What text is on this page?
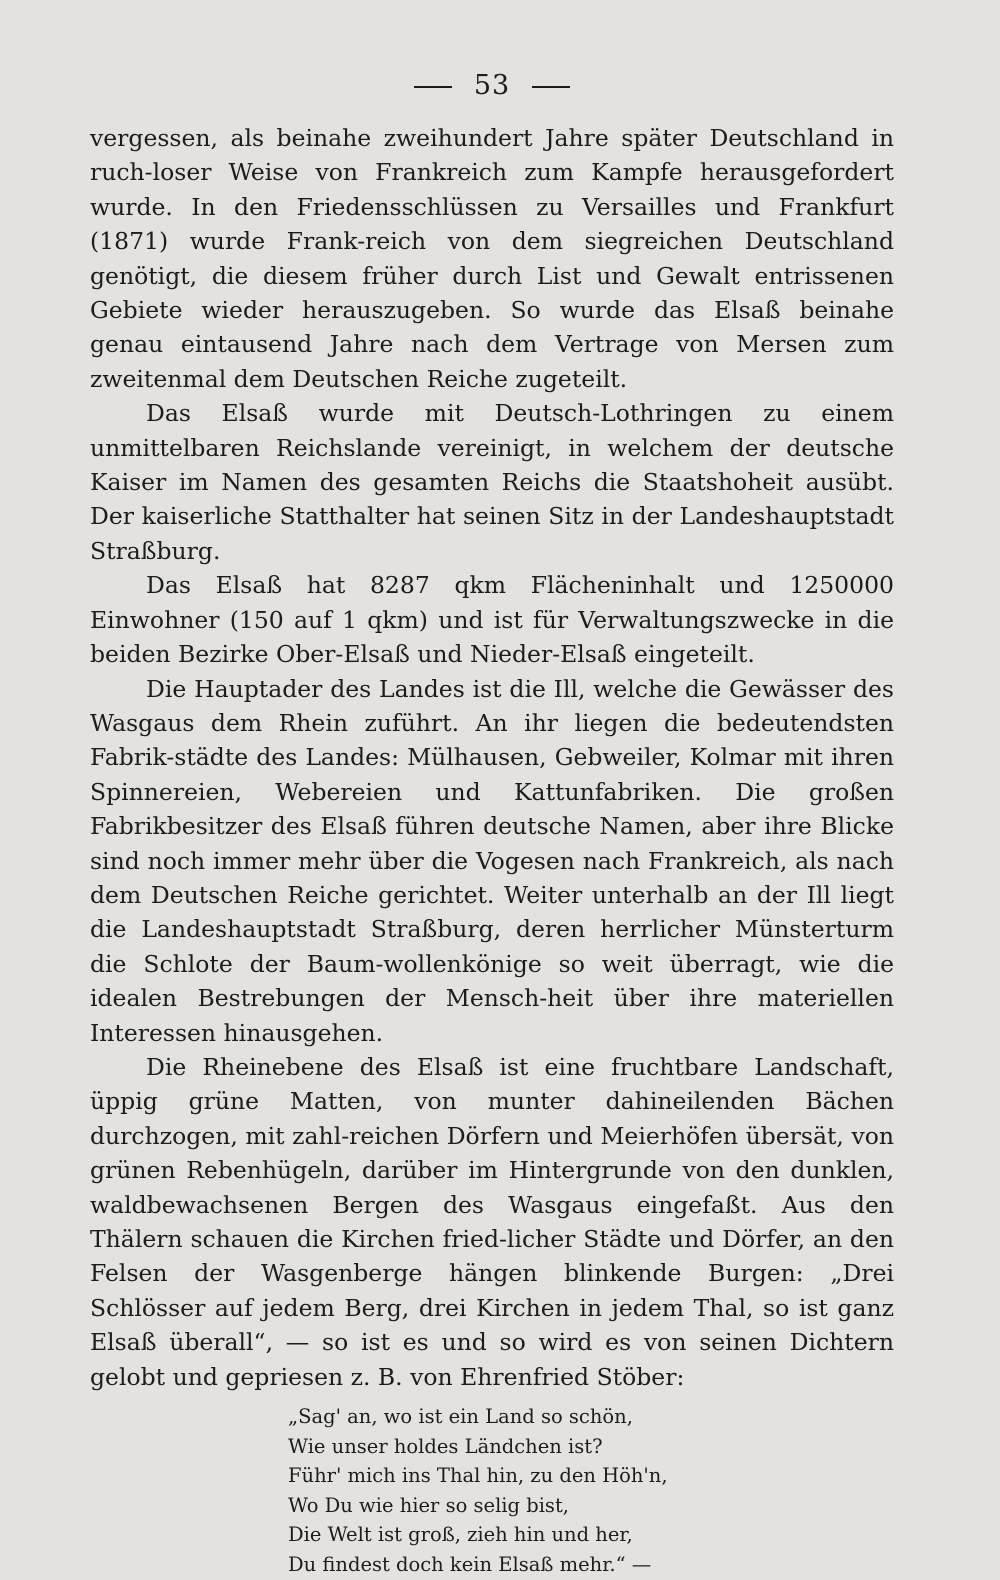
53

vergessen, als beinahe zweihundert Jahre später Deutschland in ruch-loser Weise von Frankreich zum Kampfe herausgefordert wurde. In den Friedensschlüssen zu Versailles und Frankfurt (1871) wurde Frank-reich von dem siegreichen Deutschland genötigt, die diesem früher durch List und Gewalt entrissenen Gebiete wieder herauszugeben. So wurde das Elsaß beinahe genau eintausend Jahre nach dem Vertrage von Mersen zum zweitenmal dem Deutschen Reiche zugeteilt.

Das Elsaß wurde mit Deutsch-Lothringen zu einem unmittelbaren Reichslande vereinigt, in welchem der deutsche Kaiser im Namen des gesamten Reichs die Staatshoheit ausübt. Der kaiserliche Statthalter hat seinen Sitz in der Landeshauptstadt Straßburg.

Das Elsaß hat 8287 qkm Flächeninhalt und 1250000 Einwohner (150 auf 1 qkm) und ist für Verwaltungszwecke in die beiden Bezirke Ober-Elsaß und Nieder-Elsaß eingeteilt.

Die Hauptader des Landes ist die Ill, welche die Gewässer des Wasgaus dem Rhein zuführt. An ihr liegen die bedeutendsten Fabrik-städte des Landes: Mülhausen, Gebweiler, Kolmar mit ihren Spinnereien, Webereien und Kattunfabriken. Die großen Fabrikbesitzer des Elsaß führen deutsche Namen, aber ihre Blicke sind noch immer mehr über die Vogesen nach Frankreich, als nach dem Deutschen Reiche gerichtet. Weiter unterhalb an der Ill liegt die Landeshauptstadt Straßburg, deren herrlicher Münsterturm die Schlote der Baum-wollenkönige so weit überragt, wie die idealen Bestrebungen der Mensch-heit über ihre materiellen Interessen hinausgehen.

Die Rheinebene des Elsaß ist eine fruchtbare Landschaft, üppig grüne Matten, von munter dahineilenden Bächen durchzogen, mit zahl-reichen Dörfern und Meierhöfen übersät, von grünen Rebenhügeln, darüber im Hintergrunde von den dunklen, waldbewachsenen Bergen des Wasgaus eingefaßt. Aus den Thälern schauen die Kirchen fried-licher Städte und Dörfer, an den Felsen der Wasgenberge hängen blinkende Burgen: „Drei Schlösser auf jedem Berg, drei Kirchen in jedem Thal, so ist ganz Elsaß überall“, — so ist es und so wird es von seinen Dichtern gelobt und gepriesen z. B. von Ehrenfried Stöber:

„Sag' an, wo ist ein Land so schön,
Wie unser holdes Ländchen ist?
Führ' mich ins Thal hin, zu den Höh'n,
Wo Du wie hier so selig bist,
Die Welt ist groß, zieh hin und her,
Du findest doch kein Elsaß mehr.“ —
